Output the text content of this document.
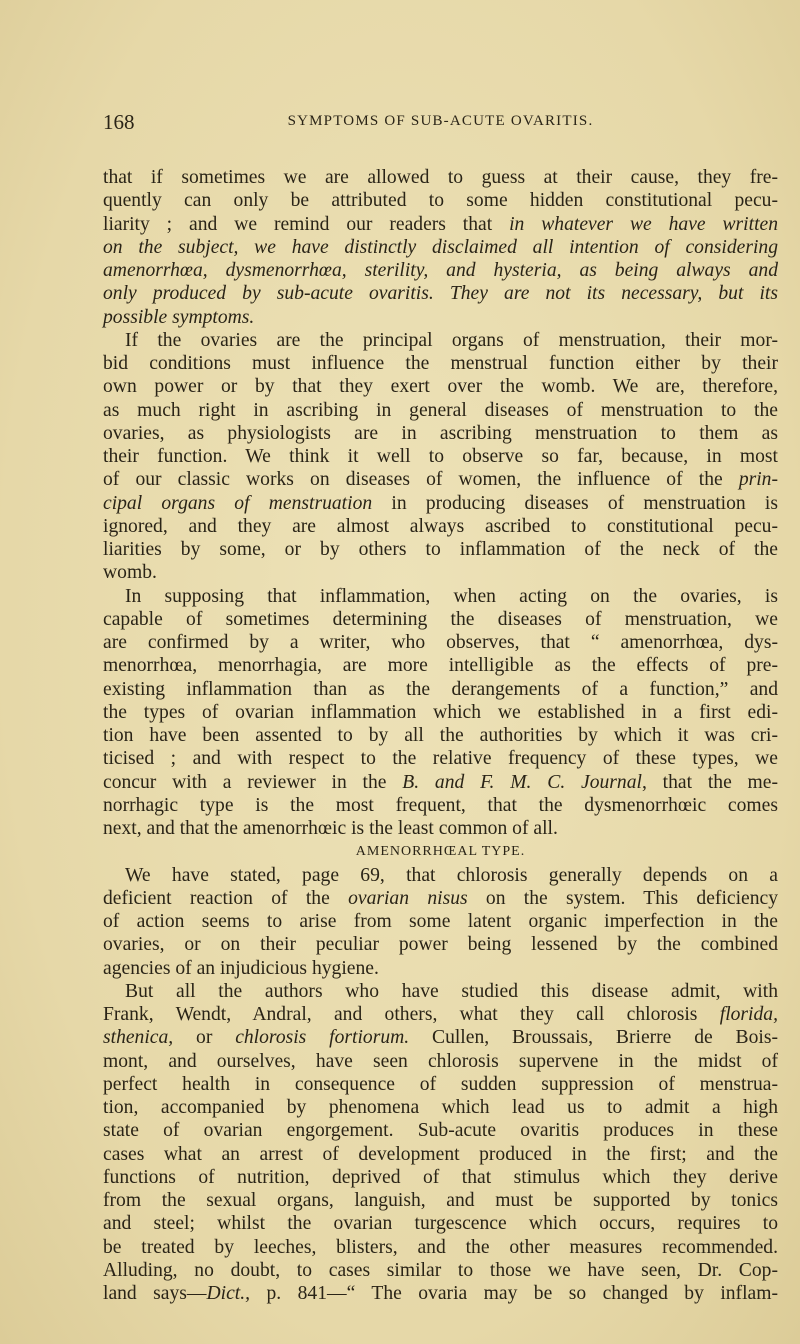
168	SYMPTOMS OF SUB-ACUTE OVARITIS.
that if sometimes we are allowed to guess at their cause, they fre-
quently can only be attributed to some hidden constitutional pecu-
liarity ; and we remind our readers that in whatever we have written
on the subject, we have distinctly disclaimed all intention of considering
amenorrhœa, dysmenorrhœa, sterility, and hysteria, as being always and
only produced by sub-acute ovaritis. They are not its necessary, but its
possible symptoms.
If the ovaries are the principal organs of menstruation, their mor-
bid conditions must influence the menstrual function either by their
own power or by that they exert over the womb. We are, therefore,
as much right in ascribing in general diseases of menstruation to the
ovaries, as physiologists are in ascribing menstruation to them as
their function. We think it well to observe so far, because, in most
of our classic works on diseases of women, the influence of the prin-
cipal organs of menstruation in producing diseases of menstruation is
ignored, and they are almost always ascribed to constitutional pecu-
liarities by some, or by others to inflammation of the neck of the
womb.
In supposing that inflammation, when acting on the ovaries, is
capable of sometimes determining the diseases of menstruation, we
are confirmed by a writer, who observes, that “ amenorrhœa, dys-
menorrhœa, menorrhagia, are more intelligible as the effects of pre-
existing inflammation than as the derangements of a function,” and
the types of ovarian inflammation which we established in a first edi-
tion have been assented to by all the authorities by which it was cri-
ticised ; and with respect to the relative frequency of these types, we
concur with a reviewer in the B. and F. M. C. Journal, that the me-
norrhagic type is the most frequent, that the dysmenorrhœic comes
next, and that the amenorrhœic is the least common of all.
AMENORRHŒAL TYPE.
We have stated, page 69, that chlorosis generally depends on a
deficient reaction of the ovarian nisus on the system. This deficiency
of action seems to arise from some latent organic imperfection in the
ovaries, or on their peculiar power being lessened by the combined
agencies of an injudicious hygiene.
But all the authors who have studied this disease admit, with
Frank, Wendt, Andral, and others, what they call chlorosis florida,
sthenica, or chlorosis fortiorum. Cullen, Broussais, Brierre de Bois-
mont, and ourselves, have seen chlorosis supervene in the midst of
perfect health in consequence of sudden suppression of menstrua-
tion, accompanied by phenomena which lead us to admit a high
state of ovarian engorgement. Sub-acute ovaritis produces in these
cases what an arrest of development produced in the first; and the
functions of nutrition, deprived of that stimulus which they derive
from the sexual organs, languish, and must be supported by tonics
and steel; whilst the ovarian turgescence which occurs, requires to
be treated by leeches, blisters, and the other measures recommended.
Alluding, no doubt, to cases similar to those we have seen, Dr. Cop-
land says—Dict., p. 841—“ The ovaria may be so changed by inflam-
